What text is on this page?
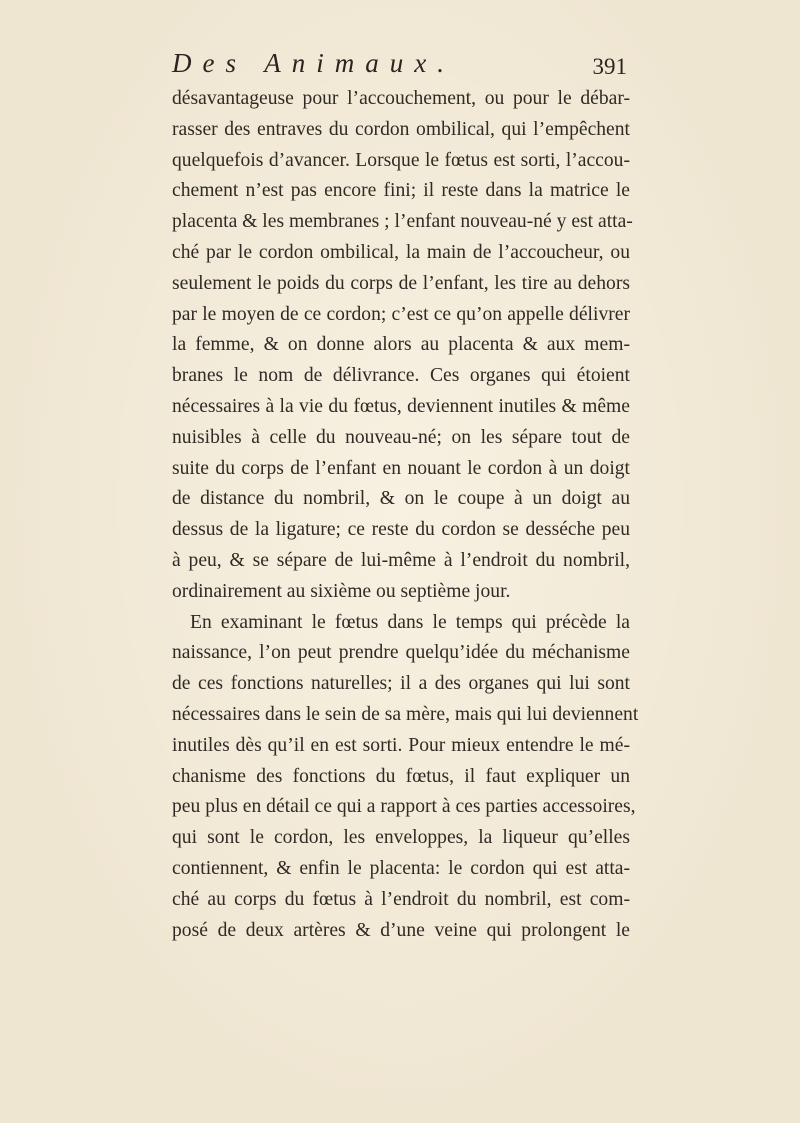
Des Animaux.	391
désavantageuse pour l’accouchement, ou pour le débar-
rasser des entraves du cordon ombilical, qui l’empêchent
quelquefois d’avancer. Lorsque le fœtus est sorti, l’accou-
chement n’est pas encore fini; il reste dans la matrice le
placenta & les membranes ; l’enfant nouveau-né y est atta-
ché par le cordon ombilical, la main de l’accoucheur, ou
seulement le poids du corps de l’enfant, les tire au dehors
par le moyen de ce cordon; c’est ce qu’on appelle délivrer
la femme, & on donne alors au placenta & aux mem-
branes le nom de délivrance. Ces organes qui étoient
nécessaires à la vie du fœtus, deviennent inutiles & même
nuisibles à celle du nouveau-né; on les sépare tout de
suite du corps de l’enfant en nouant le cordon à un doigt
de distance du nombril, & on le coupe à un doigt au
dessus de la ligature; ce reste du cordon se desséche peu
à peu, & se sépare de lui-même à l’endroit du nombril,
ordinairement au sixième ou septième jour.
En examinant le fœtus dans le temps qui précède la
naissance, l’on peut prendre quelqu’idée du méchanisme
de ces fonctions naturelles; il a des organes qui lui sont
nécessaires dans le sein de sa mère, mais qui lui deviennent
inutiles dès qu’il en est sorti. Pour mieux entendre le mé-
chanisme des fonctions du fœtus, il faut expliquer un
peu plus en détail ce qui a rapport à ces parties accessoires,
qui sont le cordon, les enveloppes, la liqueur qu’elles
contiennent, & enfin le placenta: le cordon qui est atta-
ché au corps du fœtus à l’endroit du nombril, est com-
posé de deux artères & d’une veine qui prolongent le
